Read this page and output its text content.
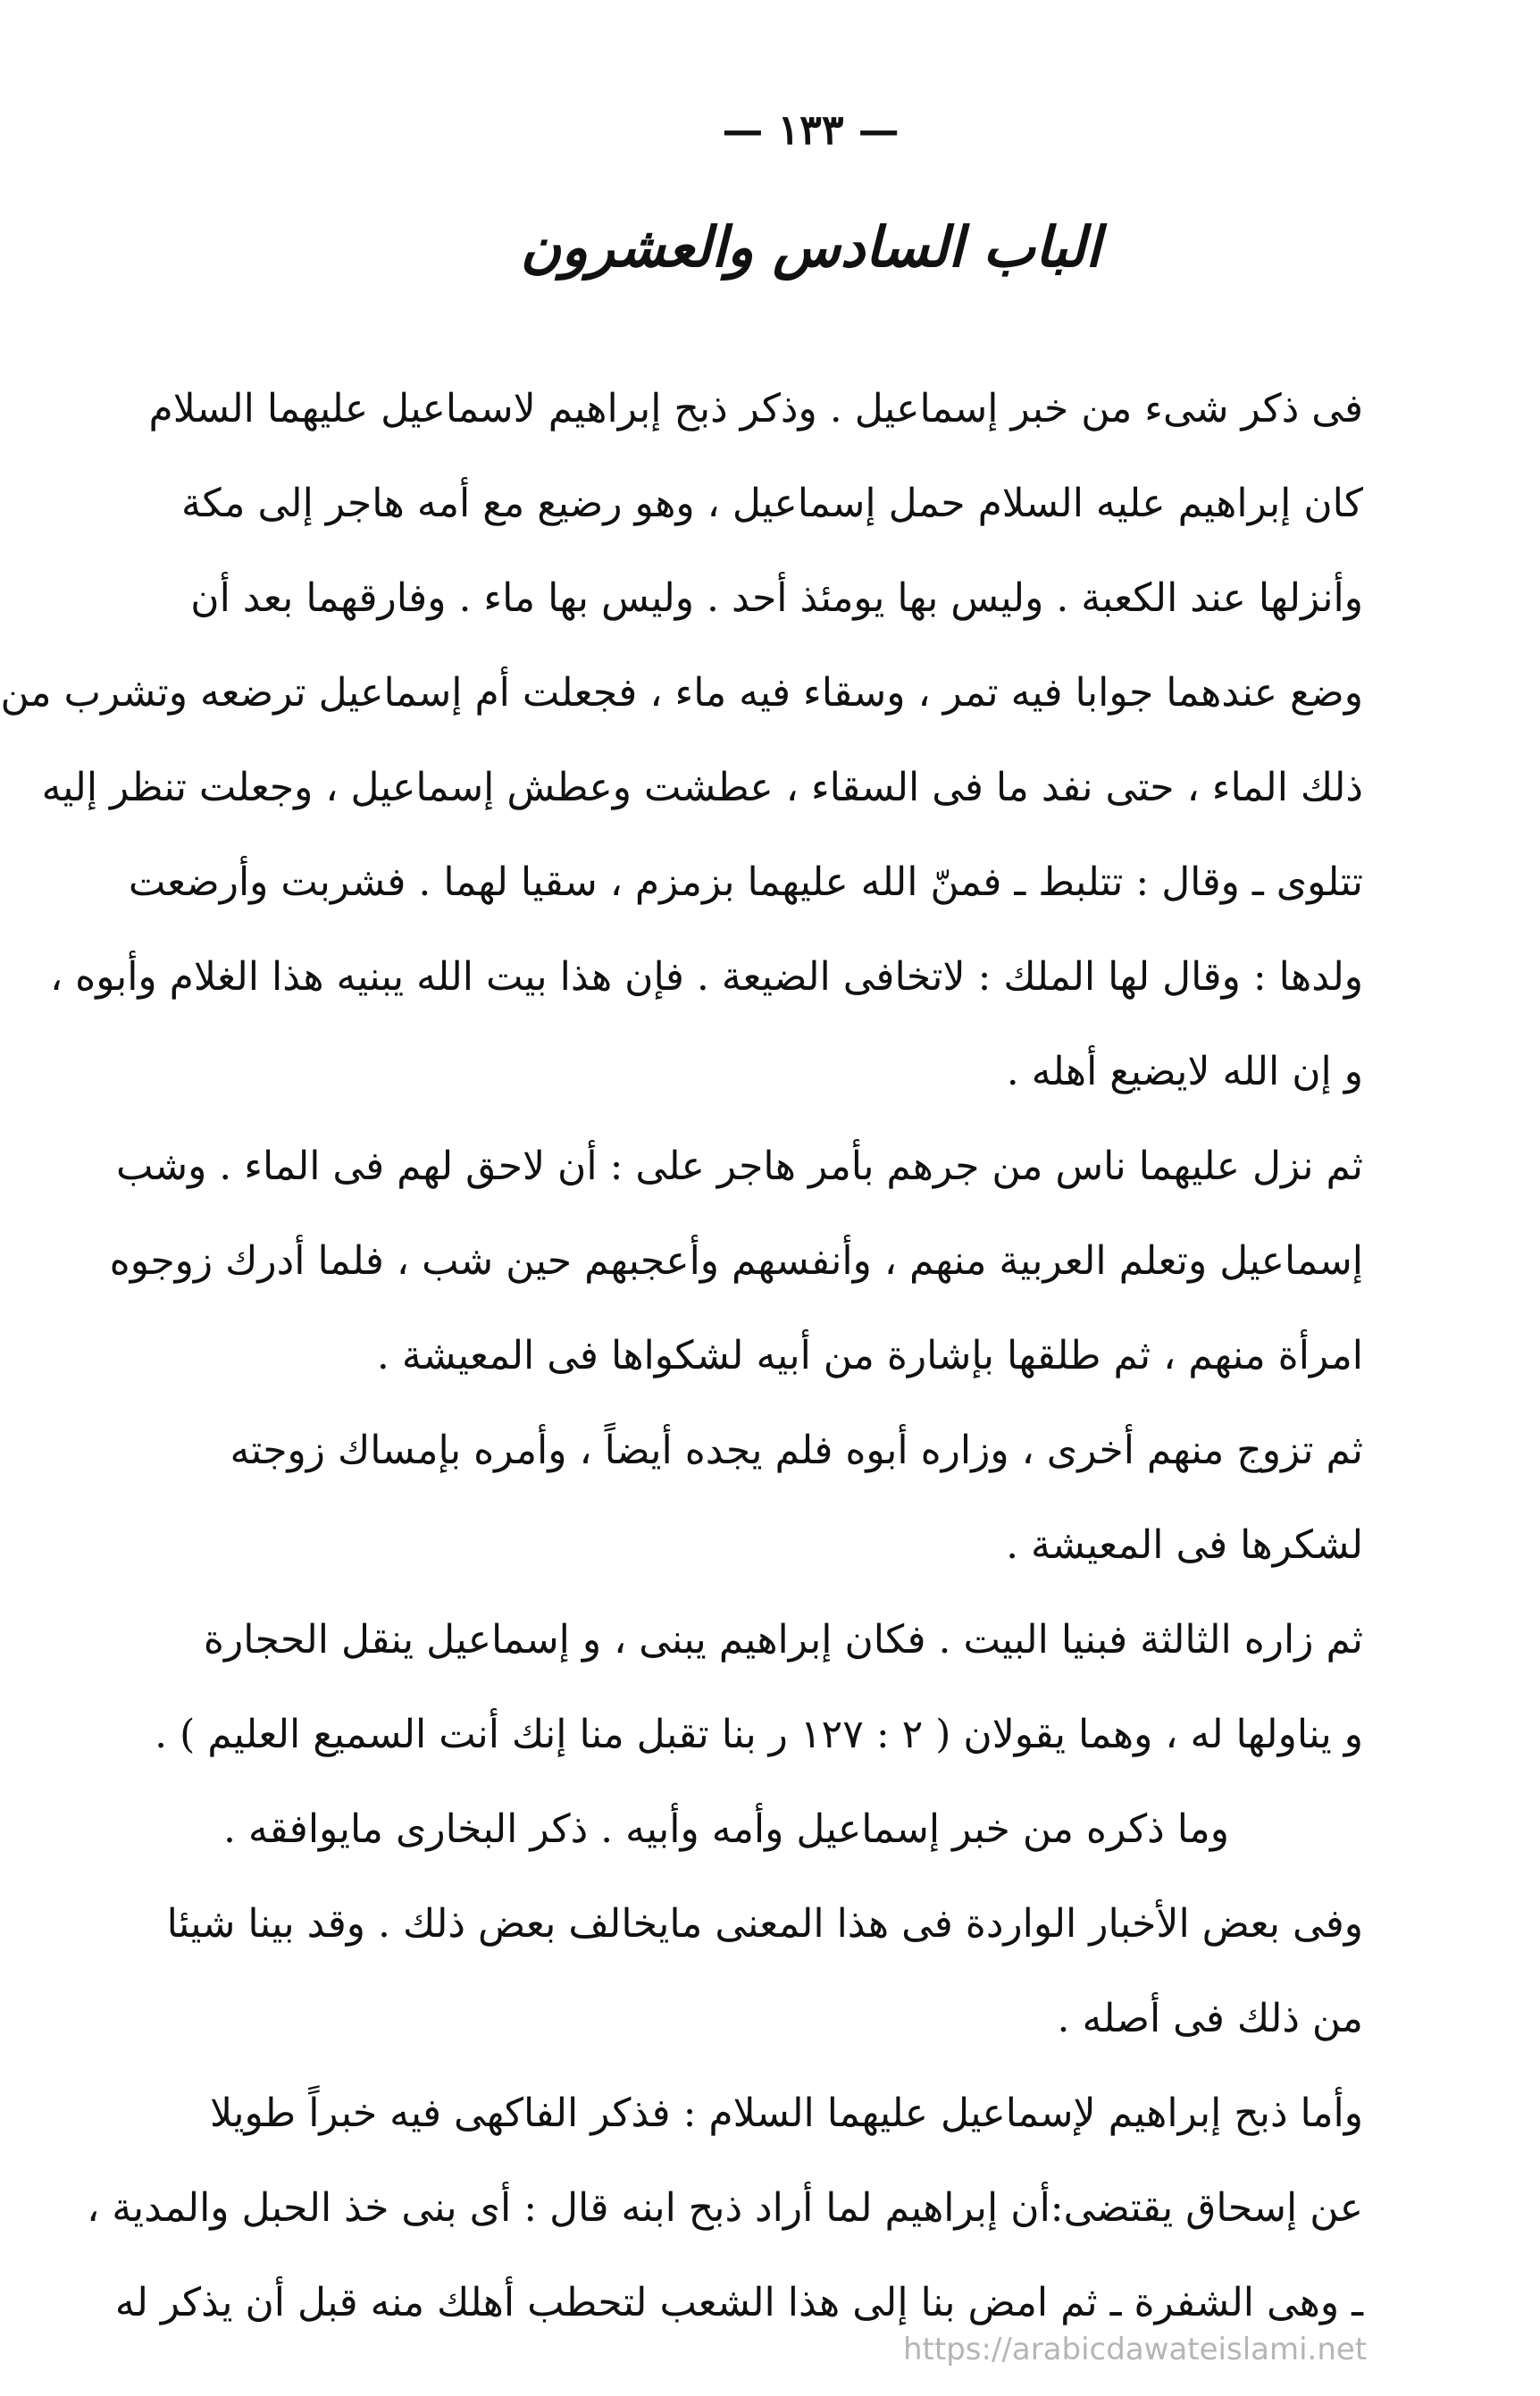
— ١٣٣ —
الباب السادس والعشرون
فى ذكر شىء من خبر إسماعيل . وذكر ذبح إبراهيم لاسماعيل عليهما السلام
كان إبراهيم عليه السلام حمل إسماعيل ، وهو رضيع مع أمه هاجر إلى مكة
وأنزلها عند الكعبة . وليس بها يومئذ أحد . وليس بها ماء . وفارقهما بعد أن
وضع عندهما جوابا فيه تمر ، وسقاء فيه ماء ، فجعلت أم إسماعيل ترضعه وتشرب من
ذلك الماء ، حتى نفد ما فى السقاء ، عطشت وعطش إسماعيل ، وجعلت تنظر إليه
تتلوى ـ وقال : تتلبط ـ فمنّ الله عليهما بزمزم ، سقيا لهما . فشربت وأرضعت
ولدها : وقال لها الملك : لاتخافى الضيعة . فإن هذا بيت الله يبنيه هذا الغلام وأبوه ،
و إن الله لايضيع أهله .
ثم نزل عليهما ناس من جرهم بأمر هاجر على : أن لاحق لهم فى الماء . وشب
إسماعيل وتعلم العربية منهم ، وأنفسهم وأعجبهم حين شب ، فلما أدرك زوجوه
امرأة منهم ، ثم طلقها بإشارة من أبيه لشكواها فى المعيشة .
ثم تزوج منهم أخرى ، وزاره أبوه فلم يجده أيضاً ، وأمره بإمساك زوجته
لشكرها فى المعيشة .
ثم زاره الثالثة فبنيا البيت . فكان إبراهيم يبنى ، و إسماعيل ينقل الحجارة
و يناولها له ، وهما يقولان ( ٢ : ١٢٧ ر بنا تقبل منا إنك أنت السميع العليم ) .
وما ذكره من خبر إسماعيل وأمه وأبيه . ذكر البخارى مايوافقه .
وفى بعض الأخبار الواردة فى هذا المعنى مايخالف بعض ذلك . وقد بينا شيئا
من ذلك فى أصله .
وأما ذبح إبراهيم لإسماعيل عليهما السلام : فذكر الفاكهى فيه خبراً طويلا
عن إسحاق يقتضى:أن إبراهيم لما أراد ذبح ابنه قال : أى بنى خذ الحبل والمدية ،
ـ وهى الشفرة ـ ثم امض بنا إلى هذا الشعب لتحطب أهلك منه قبل أن يذكر له
https://arabicdawateislami.net
